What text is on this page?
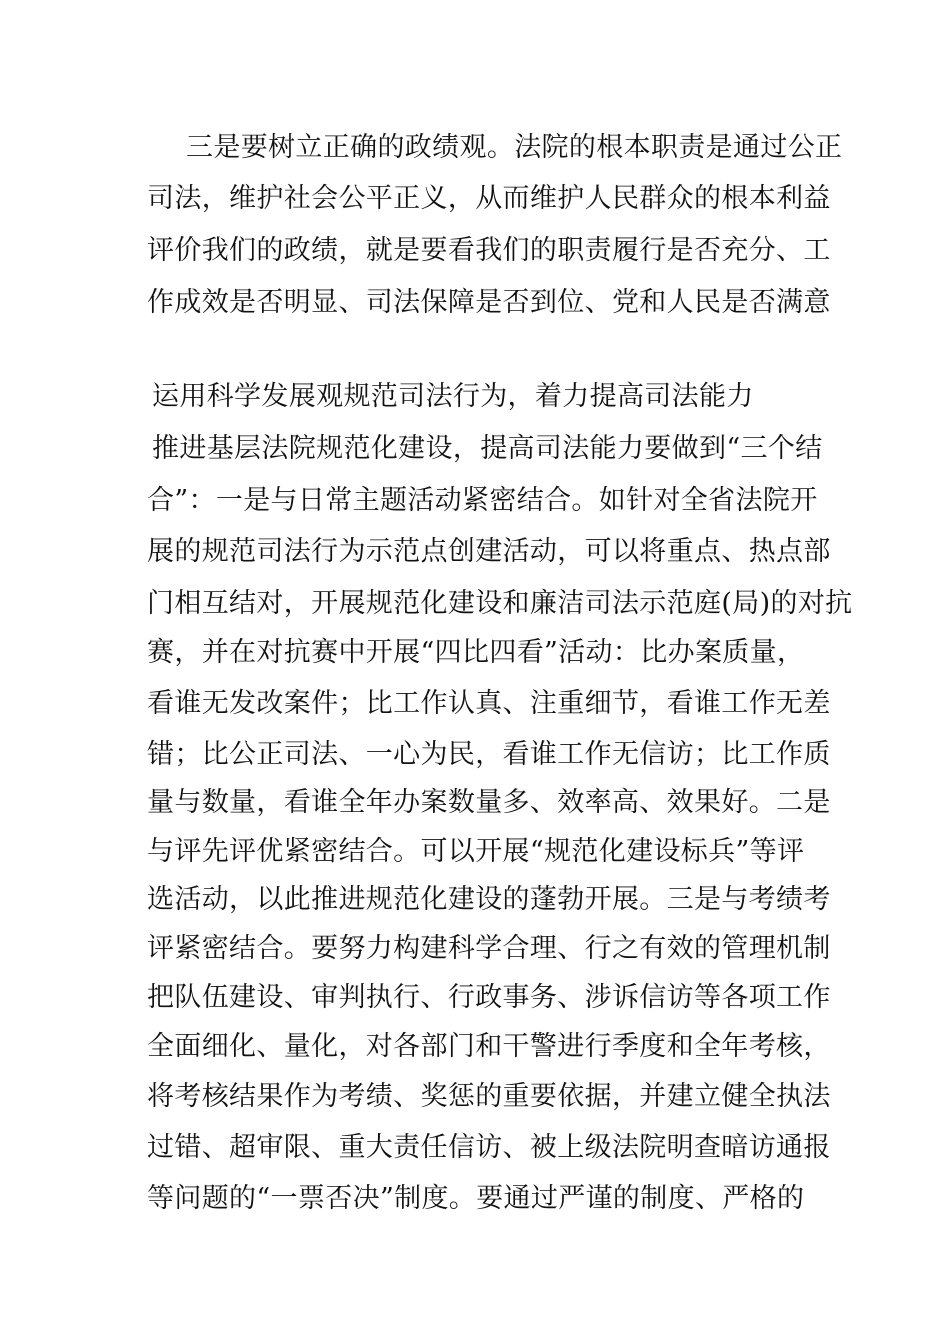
三是要树立正确的政绩观。法院的根本职责是通过公正
司法，维护社会公平正义，从而维护人民群众的根本利益
评价我们的政绩，就是要看我们的职责履行是否充分、工
作成效是否明显、司法保障是否到位、党和人民是否满意
运用科学发展观规范司法行为，着力提高司法能力
推进基层法院规范化建设，提高司法能力要做到“三个结
合”：一是与日常主题活动紧密结合。如针对全省法院开
展的规范司法行为示范点创建活动，可以将重点、热点部
门相互结对，开展规范化建设和廉洁司法示范庭(局)的对抗
赛，并在对抗赛中开展“四比四看”活动：比办案质量，
看谁无发改案件；比工作认真、注重细节，看谁工作无差
错；比公正司法、一心为民，看谁工作无信访；比工作质
量与数量，看谁全年办案数量多、效率高、效果好。二是
与评先评优紧密结合。可以开展“规范化建设标兵”等评
选活动，以此推进规范化建设的蓬勃开展。三是与考绩考
评紧密结合。要努力构建科学合理、行之有效的管理机制
把队伍建设、审判执行、行政事务、涉诉信访等各项工作
全面细化、量化，对各部门和干警进行季度和全年考核，
将考核结果作为考绩、奖惩的重要依据，并建立健全执法
过错、超审限、重大责任信访、被上级法院明查暗访通报
等问题的“一票否决”制度。要通过严谨的制度、严格的
